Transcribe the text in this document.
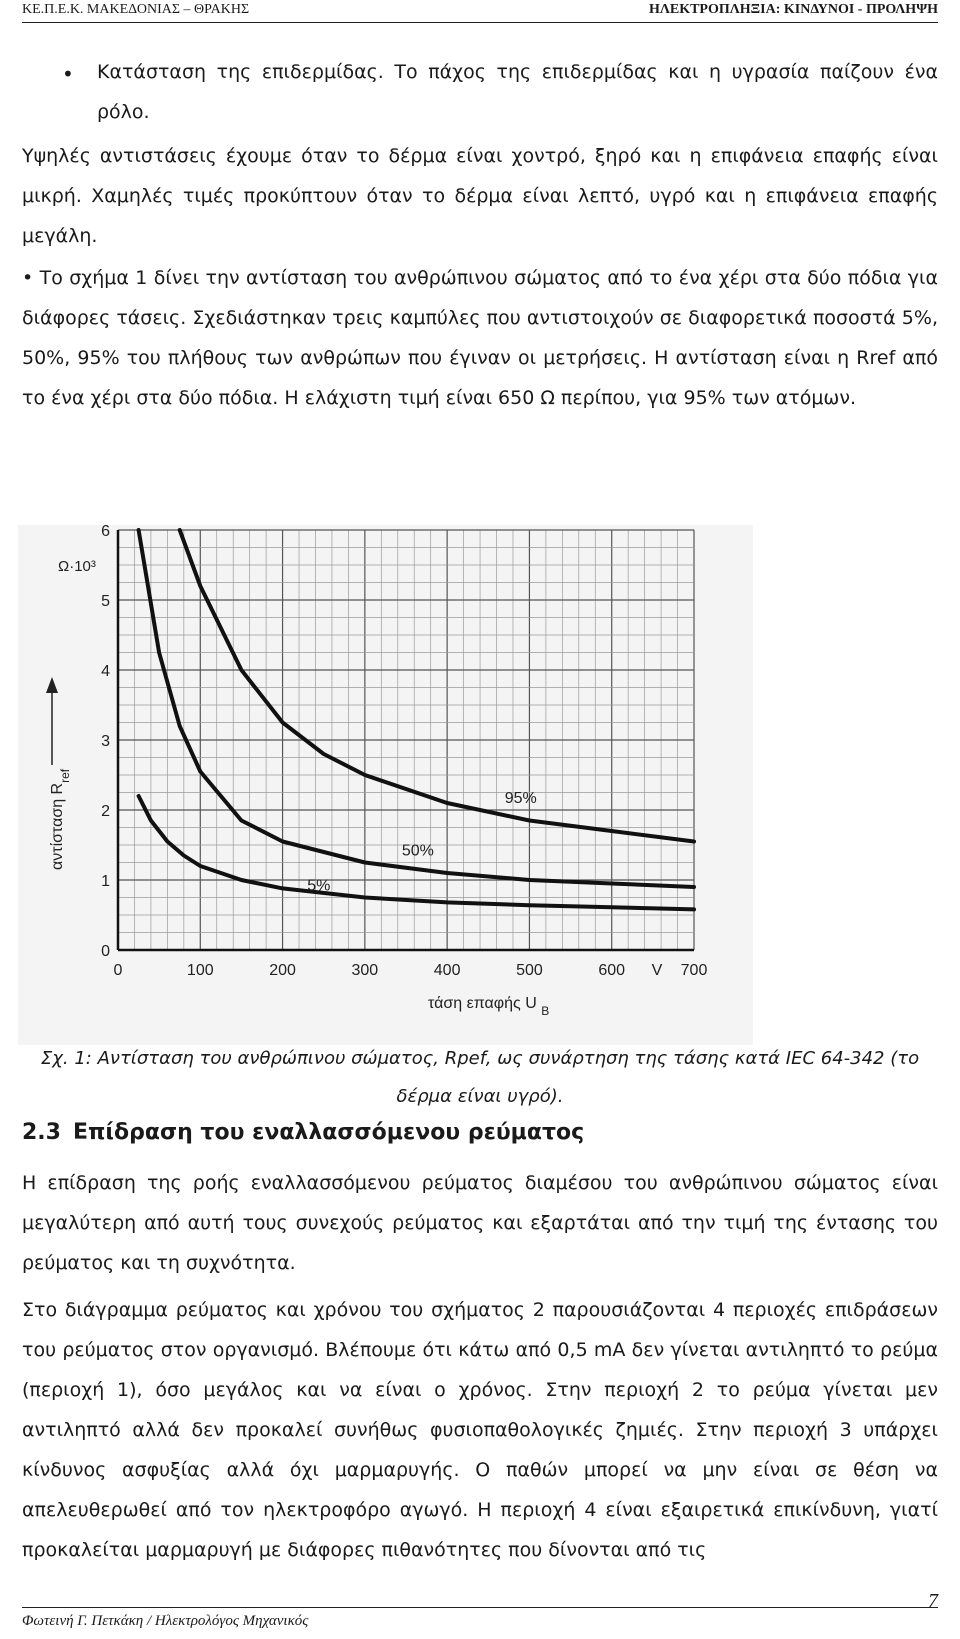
ΚΕ.Π.Ε.Κ. ΜΑΚΕΔΟΝΙΑΣ – ΘΡΑΚΗΣ	ΗΛΕΚΤΡΟΠΛΗΞΙΑ: ΚΙΝΔΥΝΟΙ - ΠΡΟΛΗΨΗ
• Κατάσταση της επιδερμίδας. Το πάχος της επιδερμίδας και η υγρασία παίζουν ένα ρόλο.

Υψηλές αντιστάσεις έχουμε όταν το δέρμα είναι χοντρό, ξηρό και η επιφάνεια επαφής είναι μικρή. Χαμηλές τιμές προκύπτουν όταν το δέρμα είναι λεπτό, υγρό και η επιφάνεια επαφής μεγάλη.

• Το σχήμα 1 δίνει την αντίσταση του ανθρώπινου σώματος από το ένα χέρι στα δύο πόδια για διάφορες τάσεις. Σχεδιάστηκαν τρεις καμπύλες που αντιστοιχούν σε διαφορετικά ποσοστά 5%, 50%, 95% του πλήθους των ανθρώπων που έγιναν οι μετρήσεις. Η αντίσταση είναι η Rref από το ένα χέρι στα δύο πόδια. Η ελάχιστη τιμή είναι 650 Ω περίπου, για 95% των ατόμων.

0
1
2
3
4
5
6
0	100	200	300	400	500	600	700
V
Ω·10³
τάση επαφής U $_B$
αντίσταση $R_{ref}$
5%
50%
95%

Σχ. 1: Αντίσταση του ανθρώπινου σώματος, Rpef, ως συνάρτηση της τάσης κατά IEC 64-342 (το δέρμα είναι υγρό).

2.3 Επίδραση του εναλλασσόμενου ρεύματος

Η επίδραση της ροής εναλλασσόμενου ρεύματος διαμέσου του ανθρώπινου σώματος είναι μεγαλύτερη από αυτή τους συνεχούς ρεύματος και εξαρτάται από την τιμή της έντασης του ρεύματος και τη συχνότητα.

Στο διάγραμμα ρεύματος και χρόνου του σχήματος 2 παρουσιάζονται 4 περιοχές επιδράσεων του ρεύματος στον οργανισμό. Βλέπουμε ότι κάτω από 0,5 mA δεν γίνεται αντιληπτό το ρεύμα (περιοχή 1), όσο μεγάλος και να είναι ο χρόνος. Στην περιοχή 2 το ρεύμα γίνεται μεν αντιληπτό αλλά δεν προκαλεί συνήθως φυσιοπαθολογικές ζημιές. Στην περιοχή 3 υπάρχει κίνδυνος ασφυξίας αλλά όχι μαρμαρυγής. Ο παθών μπορεί να μην είναι σε θέση να απελευθερωθεί από τον ηλεκτροφόρο αγωγό. Η περιοχή 4 είναι εξαιρετικά επικίνδυνη, γιατί προκαλείται μαρμαρυγή με διάφορες πιθανότητες που δίνονται από τις

Φωτεινή Γ. Πετκάκη / Ηλεκτρολόγος Μηχανικός
7
